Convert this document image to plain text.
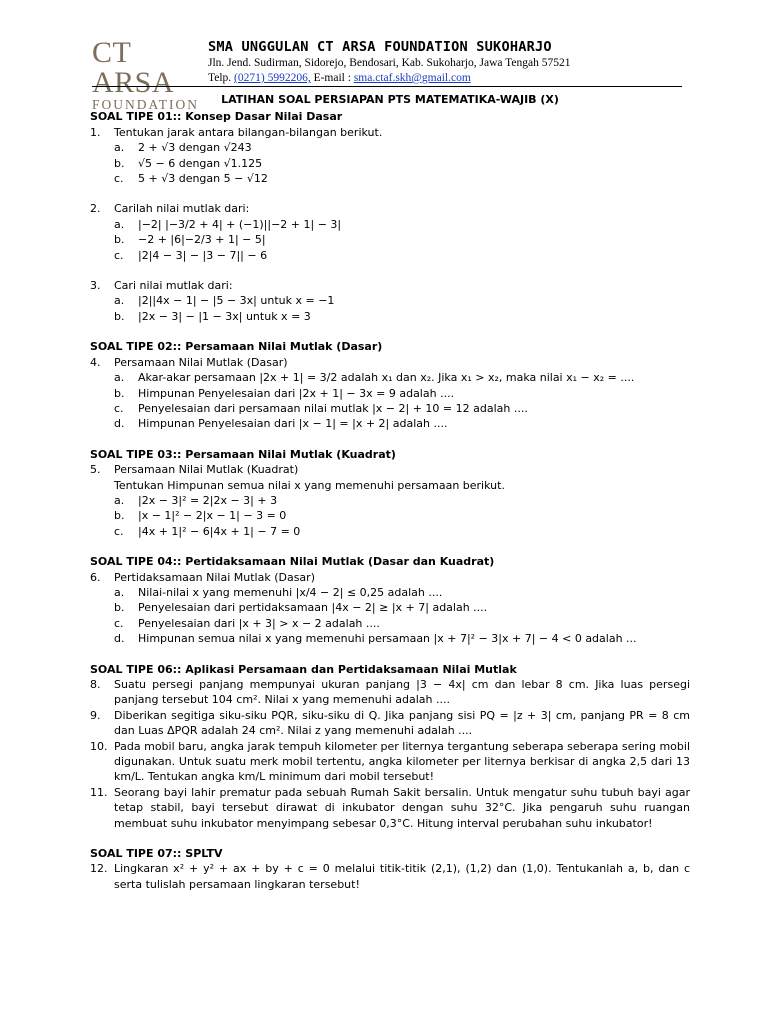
CT ARSA
FOUNDATION
SMA UNGGULAN CT ARSA FOUNDATION SUKOHARJO
Jln. Jend. Sudirman, Sidorejo, Bendosari, Kab. Sukoharjo, Jawa Tengah 57521
Telp. (0271) 5992206, E-mail : sma.ctaf.skh@gmail.com
LATIHAN SOAL PERSIAPAN PTS MATEMATIKA-WAJIB (X)
SOAL TIPE 01:: Konsep Dasar Nilai Dasar
1.	Tentukan jarak antara bilangan-bilangan berikut.
a.	2 + √3 dengan √243
b.	√5 − 6 dengan √1.125
c.	5 + √3 dengan 5 − √12
2.	Carilah nilai mutlak dari:
a.	|−2| |−3/2 + 4| + (−1)||−2 + 1| − 3|
b.	−2 + |6|−2/3 + 1| − 5|
c.	|2|4 − 3| − |3 − 7|| − 6
3.	Cari nilai mutlak dari:
a.	|2||4x − 1| − |5 − 3x| untuk x = −1
b.	|2x − 3| − |1 − 3x| untuk x = 3
SOAL TIPE 02:: Persamaan Nilai Mutlak (Dasar)
4.	Persamaan Nilai Mutlak (Dasar)
a.	Akar-akar persamaan |2x + 1| = 3/2 adalah x₁ dan x₂. Jika x₁ > x₂, maka nilai x₁ − x₂ = ....
b.	Himpunan Penyelesaian dari |2x + 1| − 3x = 9 adalah ....
c.	Penyelesaian dari persamaan nilai mutlak |x − 2| + 10 = 12 adalah ....
d.	Himpunan Penyelesaian dari |x − 1| = |x + 2| adalah ....
SOAL TIPE 03:: Persamaan Nilai Mutlak (Kuadrat)
5.	Persamaan Nilai Mutlak (Kuadrat)
Tentukan Himpunan semua nilai x yang memenuhi persamaan berikut.
a.	|2x − 3|² = 2|2x − 3| + 3
b.	|x − 1|² − 2|x − 1| − 3 = 0
c.	|4x + 1|² − 6|4x + 1| − 7 = 0
SOAL TIPE 04:: Pertidaksamaan Nilai Mutlak (Dasar dan Kuadrat)
6.	Pertidaksamaan Nilai Mutlak (Dasar)
a.	Nilai-nilai x yang memenuhi |x/4 − 2| ≤ 0,25 adalah ....
b.	Penyelesaian dari pertidaksamaan |4x − 2| ≥ |x + 7| adalah ....
c.	Penyelesaian dari |x + 3| > x − 2 adalah ....
d.	Himpunan semua nilai x yang memenuhi persamaan |x + 7|² − 3|x + 7| − 4 < 0 adalah ...
SOAL TIPE 06:: Aplikasi Persamaan dan Pertidaksamaan Nilai Mutlak
8.	Suatu persegi panjang mempunyai ukuran panjang |3 − 4x| cm dan lebar 8 cm. Jika luas persegi panjang tersebut 104 cm². Nilai x yang memenuhi adalah ....
9.	Diberikan segitiga siku-siku PQR, siku-siku di Q. Jika panjang sisi PQ = |z + 3| cm, panjang PR = 8 cm dan Luas ΔPQR adalah 24 cm². Nilai z yang memenuhi adalah ....
10. Pada mobil baru, angka jarak tempuh kilometer per liternya tergantung seberapa seberapa sering mobil digunakan. Untuk suatu merk mobil tertentu, angka kilometer per liternya berkisar di angka 2,5 dari 13 km/L. Tentukan angka km/L minimum dari mobil tersebut!
11. Seorang bayi lahir prematur pada sebuah Rumah Sakit bersalin. Untuk mengatur suhu tubuh bayi agar tetap stabil, bayi tersebut dirawat di inkubator dengan suhu 32°C. Jika pengaruh suhu ruangan membuat suhu inkubator menyimpang sebesar 0,3°C. Hitung interval perubahan suhu inkubator!
SOAL TIPE 07:: SPLTV
12. Lingkaran x² + y² + ax + by + c = 0 melalui titik-titik (2,1), (1,2) dan (1,0). Tentukanlah a, b, dan c serta tulislah persamaan lingkaran tersebut!
